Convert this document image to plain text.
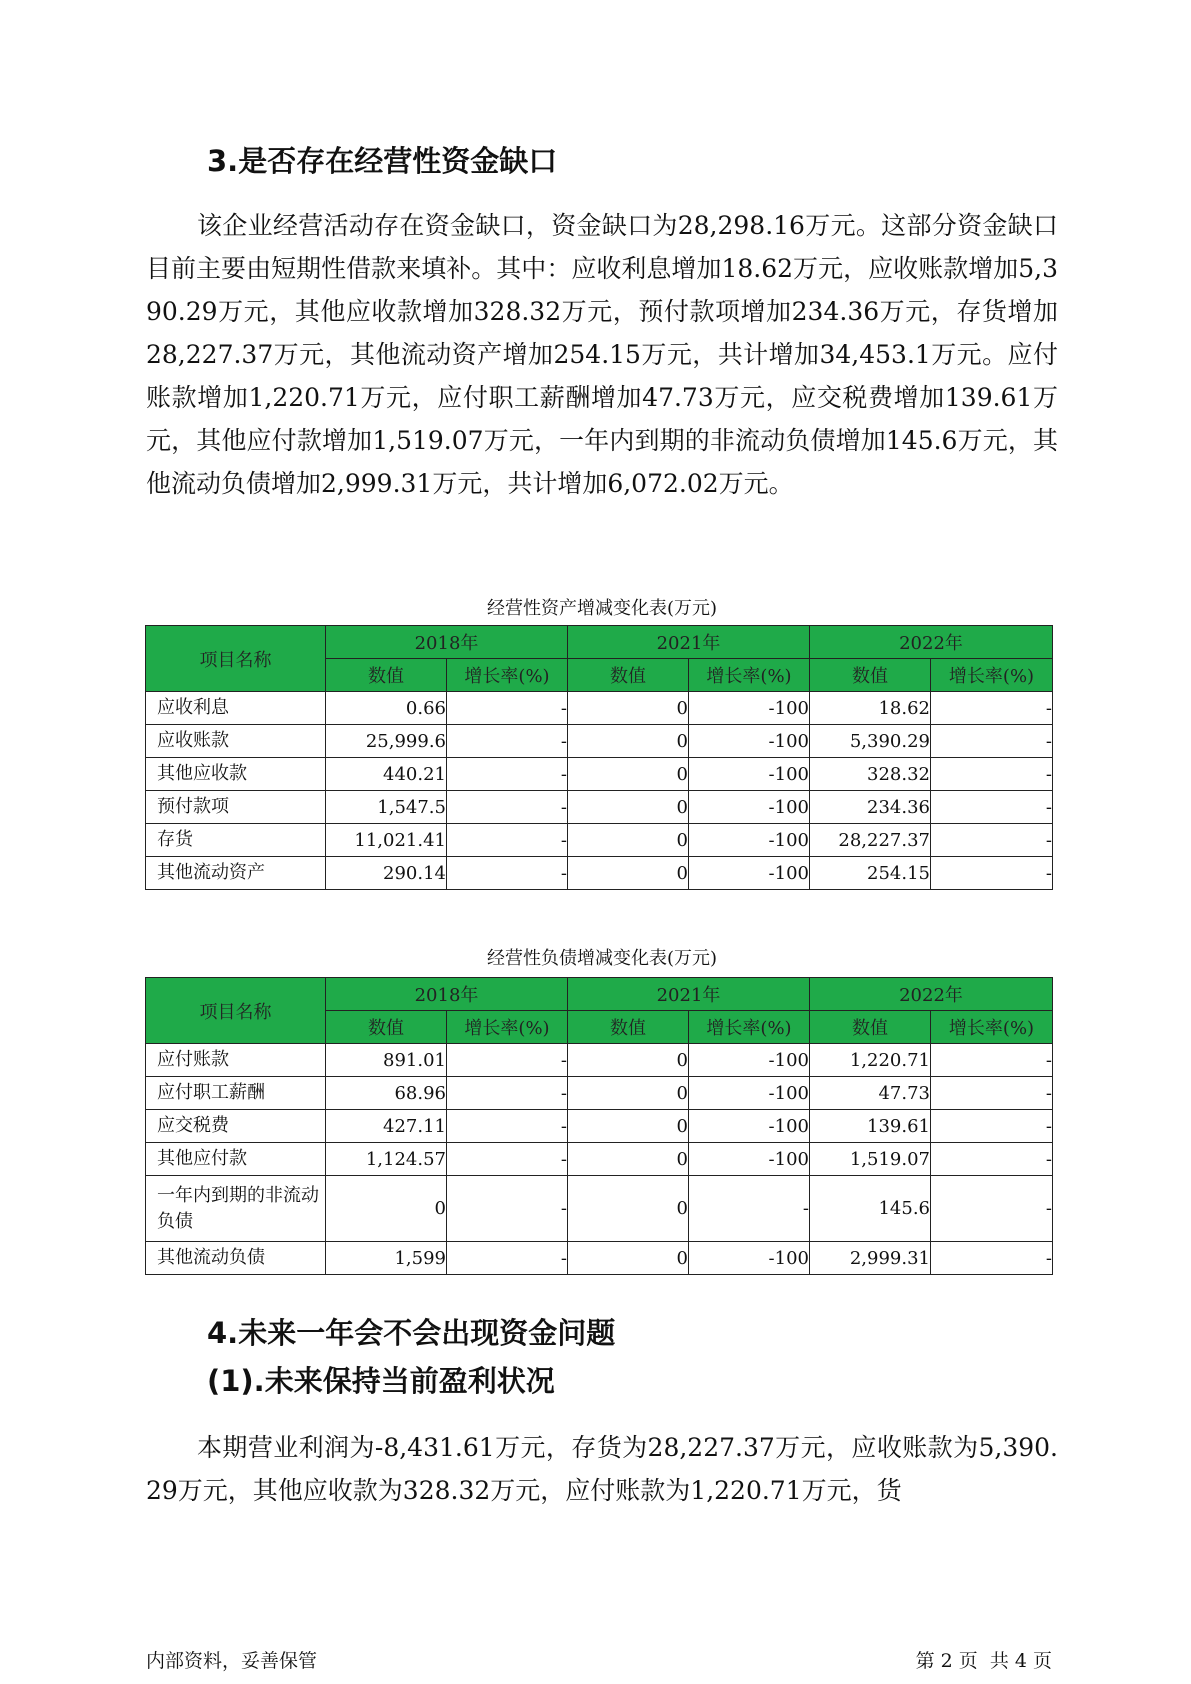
3.是否存在经营性资金缺口

该企业经营活动存在资金缺口，资金缺口为28,298.16万元。这部分资金缺口目前主要由短期性借款来填补。其中：应收利息增加18.62万元，应收账款增加5,390.29万元，其他应收款增加328.32万元，预付款项增加234.36万元，存货增加28,227.37万元，其他流动资产增加254.15万元，共计增加34,453.1万元。应付账款增加1,220.71万元，应付职工薪酬增加47.73万元，应交税费增加139.61万元，其他应付款增加1,519.07万元，一年内到期的非流动负债增加145.6万元，其他流动负债增加2,999.31万元，共计增加6,072.02万元。

经营性资产增减变化表(万元)
项目名称	2018年		2021年		2022年	
	数值	增长率(%)	数值	增长率(%)	数值	增长率(%)
应收利息	0.66	-	0	-100	18.62	-
应收账款	25,999.6	-	0	-100	5,390.29	-
其他应收款	440.21	-	0	-100	328.32	-
预付款项	1,547.5	-	0	-100	234.36	-
存货	11,021.41	-	0	-100	28,227.37	-
其他流动资产	290.14	-	0	-100	254.15	-
经营性负债增减变化表(万元)
项目名称	2018年		2021年		2022年	
	数值	增长率(%)	数值	增长率(%)	数值	增长率(%)
应付账款	891.01	-	0	-100	1,220.71	-
应付职工薪酬	68.96	-	0	-100	47.73	-
应交税费	427.11	-	0	-100	139.61	-
其他应付款	1,124.57	-	0	-100	1,519.07	-
一年内到期的非流动负债	0	-	0	-	145.6	-
其他流动负债	1,599	-	0	-100	2,999.31	-
4.未来一年会不会出现资金问题
(1).未来保持当前盈利状况

本期营业利润为-8,431.61万元，存货为28,227.37万元，应收账款为5,390.29万元，其他应收款为328.32万元，应付账款为1,220.71万元，货

内部资料，妥善保管	第 2 页  共 4 页
